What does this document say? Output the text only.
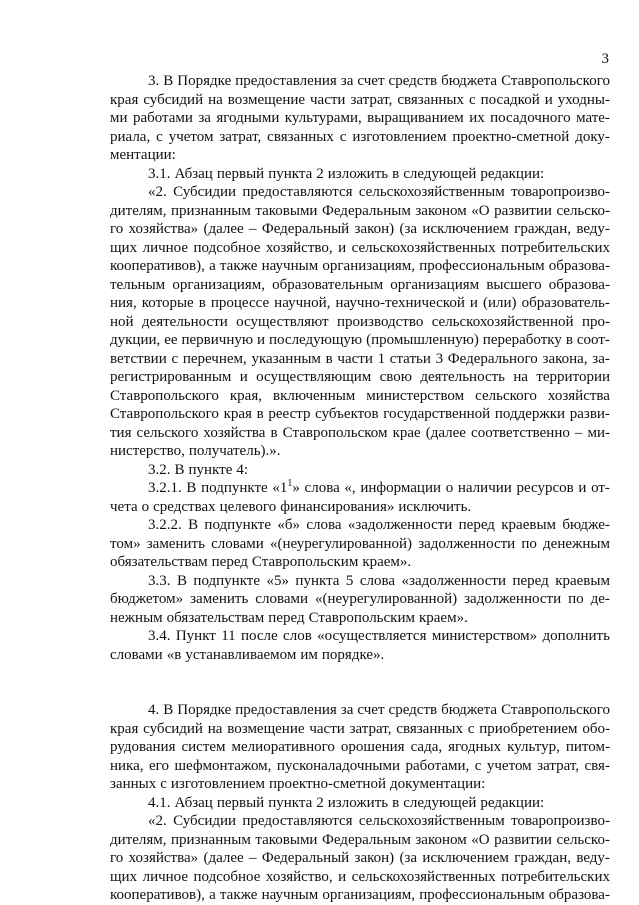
3
3. В Порядке предоставления за счет средств бюджета Ставропольского
края субсидий на возмещение части затрат, связанных с посадкой и уходны-
ми работами за ягодными культурами, выращиванием их посадочного мате-
риала, с учетом затрат, связанных с изготовлением проектно-сметной доку-
ментации:
3.1. Абзац первый пункта 2 изложить в следующей редакции:
«2. Субсидии предоставляются сельскохозяйственным товаропроизво-
дителям, признанным таковыми Федеральным законом «О развитии сельско-
го хозяйства» (далее – Федеральный закон) (за исключением граждан, веду-
щих личное подсобное хозяйство, и сельскохозяйственных потребительских
кооперативов), а также научным организациям, профессиональным образова-
тельным организациям, образовательным организациям высшего образова-
ния, которые в процессе научной, научно-технической и (или) образователь-
ной деятельности осуществляют производство сельскохозяйственной про-
дукции, ее первичную и последующую (промышленную) переработку в соот-
ветствии с перечнем, указанным в части 1 статьи 3 Федерального закона, за-
регистрированным и осуществляющим свою деятельность на территории
Ставропольского края, включенным министерством сельского хозяйства
Ставропольского края в реестр субъектов государственной поддержки разви-
тия сельского хозяйства в Ставропольском крае (далее соответственно – ми-
нистерство, получатель).».
3.2. В пункте 4:
3.2.1. В подпункте «$1^1$» слова «, информации о наличии ресурсов и от-
чета о средствах целевого финансирования» исключить.
3.2.2. В подпункте «б» слова «задолженности перед краевым бюдже-
том» заменить словами «(неурегулированной) задолженности по денежным
обязательствам перед Ставропольским краем».
3.3. В подпункте «5» пункта 5 слова «задолженности перед краевым
бюджетом» заменить словами «(неурегулированной) задолженности по де-
нежным обязательствам перед Ставропольским краем».
3.4. Пункт 11 после слов «осуществляется министерством» дополнить
словами «в устанавливаемом им порядке».
4. В Порядке предоставления за счет средств бюджета Ставропольского
края субсидий на возмещение части затрат, связанных с приобретением обо-
рудования систем мелиоративного орошения сада, ягодных культур, питом-
ника, его шефмонтажом, пусконаладочными работами, с учетом затрат, свя-
занных с изготовлением проектно-сметной документации:
4.1. Абзац первый пункта 2 изложить в следующей редакции:
«2. Субсидии предоставляются сельскохозяйственным товаропроизво-
дителям, признанным таковыми Федеральным законом «О развитии сельско-
го хозяйства» (далее – Федеральный закон) (за исключением граждан, веду-
щих личное подсобное хозяйство, и сельскохозяйственных потребительских
кооперативов), а также научным организациям, профессиональным образова-
